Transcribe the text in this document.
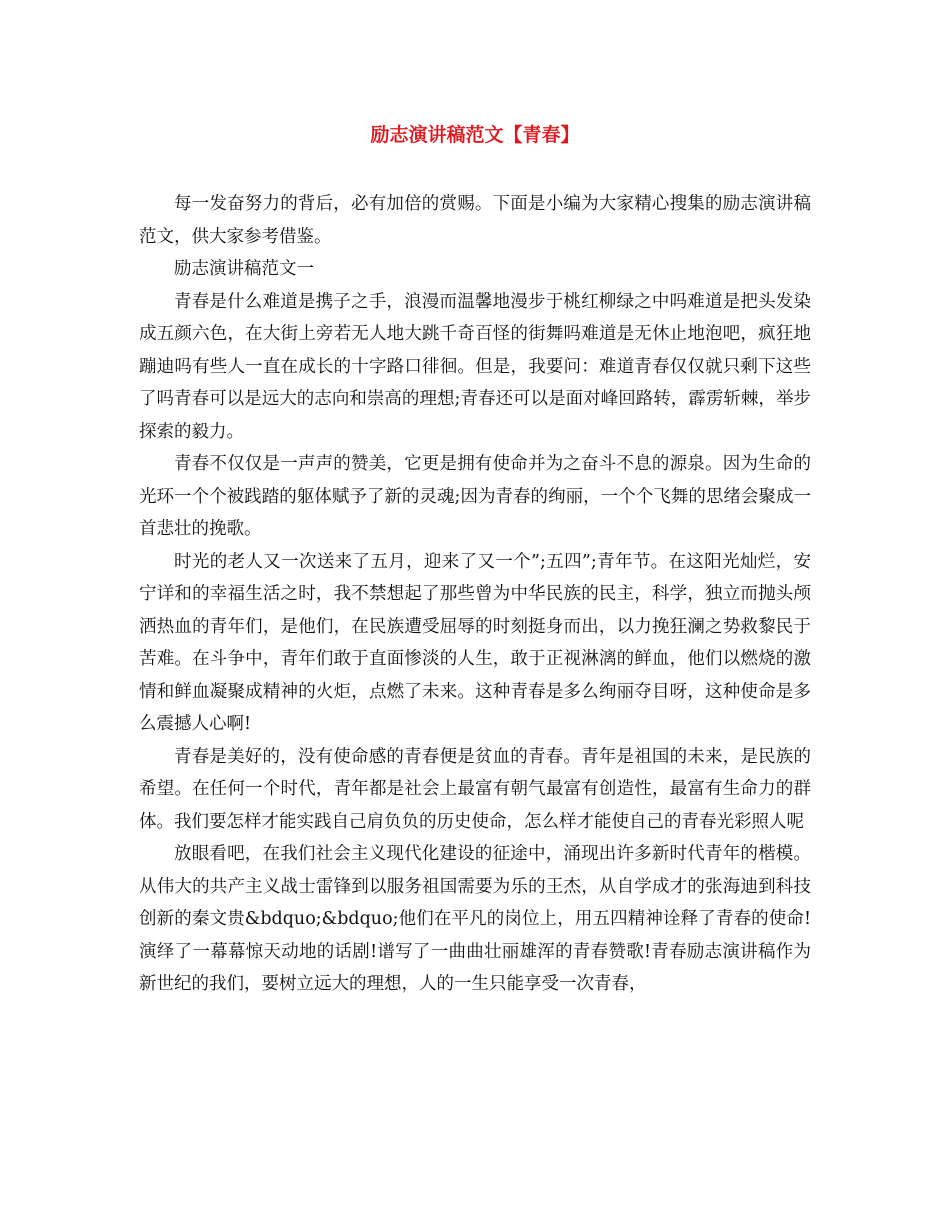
励志演讲稿范文【青春】

每一发奋努力的背后，必有加倍的赏赐。下面是小编为大家精心搜集的励志演讲稿范文，供大家参考借鉴。

励志演讲稿范文一

青春是什么难道是携子之手，浪漫而温馨地漫步于桃红柳绿之中吗难道是把头发染成五颜六色，在大街上旁若无人地大跳千奇百怪的街舞吗难道是无休止地泡吧，疯狂地蹦迪吗有些人一直在成长的十字路口徘徊。但是，我要问：难道青春仅仅就只剩下这些了吗青春可以是远大的志向和崇高的理想;青春还可以是面对峰回路转，霹雳斩棘，举步探索的毅力。

青春不仅仅是一声声的赞美，它更是拥有使命并为之奋斗不息的源泉。因为生命的光环一个个被践踏的躯体赋予了新的灵魂;因为青春的绚丽，一个个飞舞的思绪会聚成一首悲壮的挽歌。

时光的老人又一次送来了五月，迎来了又一个”;五四”;青年节。在这阳光灿烂，安宁详和的幸福生活之时，我不禁想起了那些曾为中华民族的民主，科学，独立而抛头颅洒热血的青年们，是他们，在民族遭受屈辱的时刻挺身而出，以力挽狂澜之势救黎民于苦难。在斗争中，青年们敢于直面惨淡的人生，敢于正视淋漓的鲜血，他们以燃烧的激情和鲜血凝聚成精神的火炬，点燃了未来。这种青春是多么绚丽夺目呀，这种使命是多么震撼人心啊!

青春是美好的，没有使命感的青春便是贫血的青春。青年是祖国的未来，是民族的希望。在任何一个时代，青年都是社会上最富有朝气最富有创造性，最富有生命力的群体。我们要怎样才能实践自己肩负负的历史使命，怎么样才能使自己的青春光彩照人呢

放眼看吧，在我们社会主义现代化建设的征途中，涌现出许多新时代青年的楷模。从伟大的共产主义战士雷锋到以服务祖国需要为乐的王杰，从自学成才的张海迪到科技创新的秦文贵&bdquo;&bdquo;他们在平凡的岗位上，用五四精神诠释了青春的使命!演绎了一幕幕惊天动地的话剧!谱写了一曲曲壮丽雄浑的青春赞歌!青春励志演讲稿作为新世纪的我们，要树立远大的理想，人的一生只能享受一次青春，
